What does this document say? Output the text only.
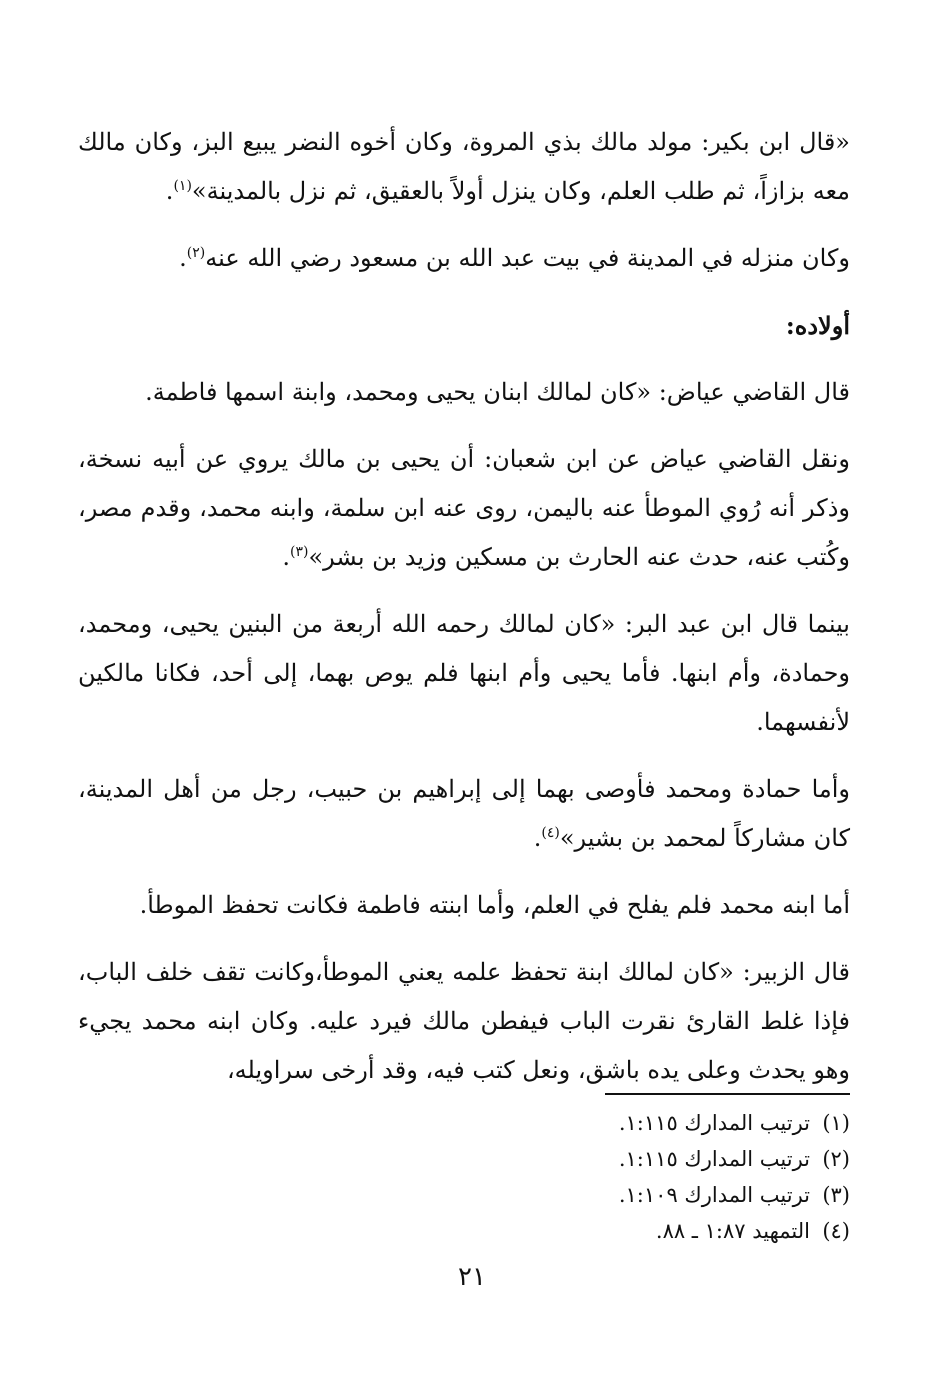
«قال ابن بكير: مولد مالك بذي المروة، وكان أخوه النضر يبيع البز، وكان مالك معه بزازاً، ثم طلب العلم، وكان ينزل أولاً بالعقيق، ثم نزل بالمدينة»$^{(١)}$.

وكان منزله في المدينة في بيت عبد الله بن مسعود رضي الله عنه$^{(٢)}$.

أولاده:

قال القاضي عياض: «كان لمالك ابنان يحيى ومحمد، وابنة اسمها فاطمة.

ونقل القاضي عياض عن ابن شعبان: أن يحيى بن مالك يروي عن أبيه نسخة، وذكر أنه رُوي الموطأ عنه باليمن، روى عنه ابن سلمة، وابنه محمد، وقدم مصر، وكُتب عنه، حدث عنه الحارث بن مسكين وزيد بن بشر»$^{(٣)}$.

بينما قال ابن عبد البر: «كان لمالك رحمه الله أربعة من البنين يحيى، ومحمد، وحمادة، وأم ابنها. فأما يحيى وأم ابنها فلم يوص بهما، إلى أحد، فكانا مالكين لأنفسهما.

وأما حمادة ومحمد فأوصى بهما إلى إبراهيم بن حبيب، رجل من أهل المدينة، كان مشاركاً لمحمد بن بشير»$^{(٤)}$.

أما ابنه محمد فلم يفلح في العلم، وأما ابنته فاطمة فكانت تحفظ الموطأ.

قال الزبير: «كان لمالك ابنة تحفظ علمه يعني الموطأ،وكانت تقف خلف الباب، فإذا غلط القارئ نقرت الباب فيفطن مالك فيرد عليه. وكان ابنه محمد يجيء وهو يحدث وعلى يده باشق، ونعل كتب فيه، وقد أرخى سراويله،

(١)ترتيب المدارك ١:١١٥.
(٢)ترتيب المدارك ١:١١٥.
(٣)ترتيب المدارك ١:١٠٩.
(٤)التمهيد ١:٨٧ ـ ٨٨.
٢١
